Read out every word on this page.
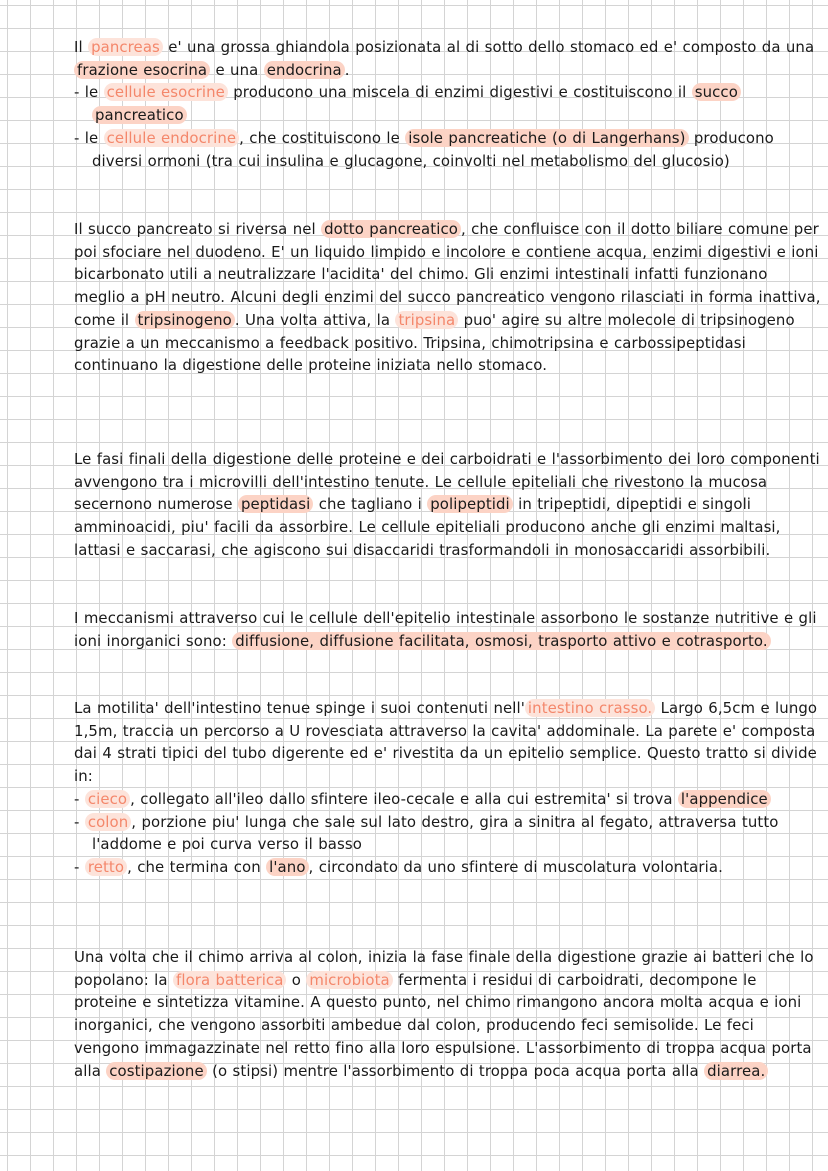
Il pancreas e' una grossa ghiandola posizionata al di sotto dello stomaco ed e' composto da una frazione esocrina e una endocrina .

- le cellule esocrine producono una miscela di enzimi digestivi e costituiscono il succo pancreatico

- le cellule endocrine , che costituiscono le isole pancreatiche (o di Langerhans) producono diversi ormoni (tra cui insulina e glucagone, coinvolti nel metabolismo del glucosio)

Il succo pancreato si riversa nel dotto pancreatico , che confluisce con il dotto biliare comune per poi sfociare nel duodeno. E' un liquido limpido e incolore e contiene acqua, enzimi digestivi e ioni bicarbonato utili a neutralizzare l'acidita' del chimo. Gli enzimi intestinali infatti funzionano meglio a pH neutro. Alcuni degli enzimi del succo pancreatico vengono rilasciati in forma inattiva, come il tripsinogeno . Una volta attiva, la tripsina puo' agire su altre molecole di tripsinogeno grazie a un meccanismo a feedback positivo. Tripsina, chimotripsina e carbossipeptidasi continuano la digestione delle proteine iniziata nello stomaco.

Le fasi finali della digestione delle proteine e dei carboidrati e l'assorbimento dei loro componenti avvengono tra i microvilli dell'intestino tenute. Le cellule epiteliali che rivestono la mucosa secernono numerose peptidasi che tagliano i polipeptidi in tripeptidi, dipeptidi e singoli amminoacidi, piu' facili da assorbire. Le cellule epiteliali producono anche gli enzimi maltasi, lattasi e saccarasi, che agiscono sui disaccaridi trasformandoli in monosaccaridi assorbibili.

I meccanismi attraverso cui le cellule dell'epitelio intestinale assorbono le sostanze nutritive e gli ioni inorganici sono: diffusione, diffusione facilitata, osmosi, trasporto attivo e cotrasporto.

La motilita' dell'intestino tenue spinge i suoi contenuti nell' intestino crasso. Largo 6,5cm e lungo 1,5m, traccia un percorso a U rovesciata attraverso la cavita' addominale. La parete e' composta dai 4 strati tipici del tubo digerente ed e' rivestita da un epitelio semplice. Questo tratto si divide in:

- cieco , collegato all'ileo dallo sfintere ileo-cecale e alla cui estremita' si trova l'appendice

- colon , porzione piu' lunga che sale sul lato destro, gira a sinitra al fegato, attraversa tutto l'addome e poi curva verso il basso

- retto , che termina con l'ano , circondato da uno sfintere di muscolatura volontaria.

Una volta che il chimo arriva al colon, inizia la fase finale della digestione grazie ai batteri che lo popolano: la flora batterica o microbiota fermenta i residui di carboidrati, decompone le proteine e sintetizza vitamine. A questo punto, nel chimo rimangono ancora molta acqua e ioni inorganici, che vengono assorbiti ambedue dal colon, producendo feci semisolide. Le feci vengono immagazzinate nel retto fino alla loro espulsione. L'assorbimento di troppa acqua porta alla costipazione (o stipsi) mentre l'assorbimento di troppa poca acqua porta alla diarrea.
